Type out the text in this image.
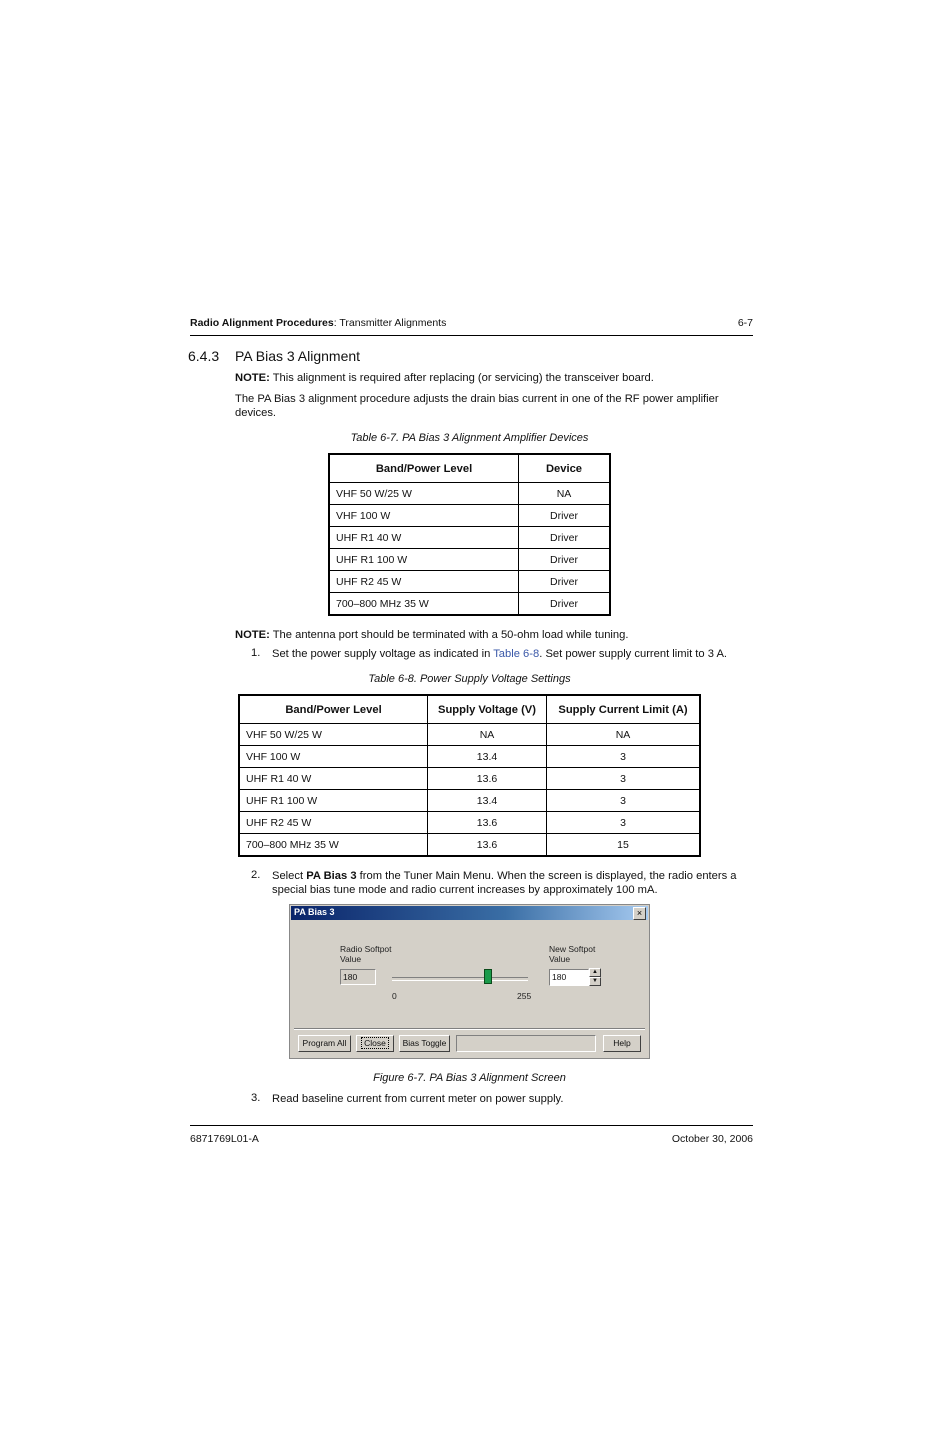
Radio Alignment Procedures: Transmitter Alignments	6-7
6.4.3 PA Bias 3 Alignment
NOTE: This alignment is required after replacing (or servicing) the transceiver board.
The PA Bias 3 alignment procedure adjusts the drain bias current in one of the RF power amplifier devices.
Table 6-7. PA Bias 3 Alignment Amplifier Devices
Band/Power Level	Device
VHF 50 W/25 W	NA
VHF 100 W	Driver
UHF R1 40 W	Driver
UHF R1 100 W	Driver
UHF R2 45 W	Driver
700–800 MHz 35 W	Driver
NOTE: The antenna port should be terminated with a 50-ohm load while tuning.
1. Set the power supply voltage as indicated in Table 6-8. Set power supply current limit to 3 A.
Table 6-8. Power Supply Voltage Settings
Band/Power Level	Supply Voltage (V)	Supply Current Limit (A)
VHF 50 W/25 W	NA	NA
VHF 100 W	13.4	3
UHF R1 40 W	13.6	3
UHF R1 100 W	13.4	3
UHF R2 45 W	13.6	3
700–800 MHz 35 W	13.6	15
2. Select PA Bias 3 from the Tuner Main Menu. When the screen is displayed, the radio enters a special bias tune mode and radio current increases by approximately 100 mA.
PA Bias 3	×
Radio Softpot
Value
180
0	255
New Softpot
Value
180	▲
▼
Program All	Close	Bias Toggle	Help
Figure 6-7. PA Bias 3 Alignment Screen
3. Read baseline current from current meter on power supply.
6871769L01-A	October 30, 2006
